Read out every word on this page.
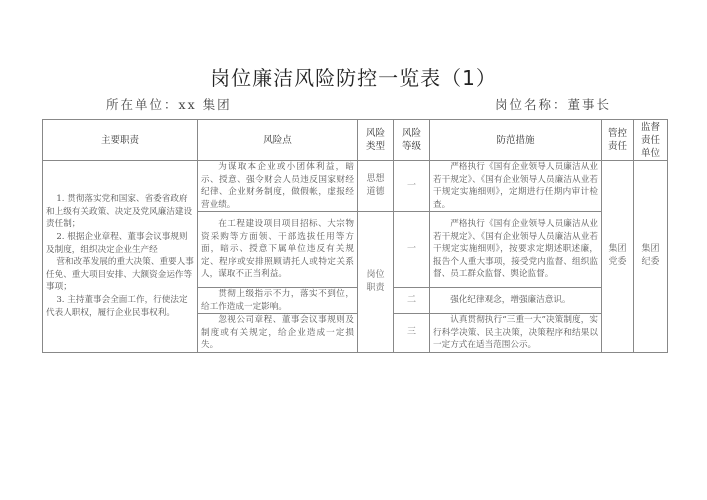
岗位廉洁风险防控一览表（1）
所在单位：xx 集团	岗位名称：董事长
主要职责	风险点	风险类型	风险等级	防范措施	管控责任	监督责任单位

1. 贯彻落实党和国家、省委省政府和上级有关政策、决定及党风廉洁建设责任制；

2. 根据企业章程、董事会议事规则及制度，组织决定企业生产经

营和改革发展的重大决策、重要人事任免、重大项目安排、大额资金运作等事项；

3. 主持董事会全面工作，行使法定代表人职权，履行企业民事权利。	为谋取本企业或小团体利益，暗示、授意、强令财会人员违反国家财经纪律、企业财务制度，做假帐，虚报经营业绩。	思想道德	一	严格执行《国有企业领导人员廉洁从业若干规定》、《国有企业领导人员廉洁从业若干规定实施细则》，定期进行任期内审计检查。	集团党委	集团纪委
	在工程建设项目项目招标、大宗物资采购等方面领、干部选拔任用等方面，暗示、授意下属单位违反有关规定、程序或安排照顾请托人或特定关系人，谋取不正当利益。	岗位职责	一	严格执行《国有企业领导人员廉洁从业若干规定》、《国有企业领导人员廉洁从业若干规定实施细则》，按要求定期述职述廉，报告个人重大事项，接受党内监督、组织监督、员工群众监督、舆论监督。		
	贯彻上级指示不力，落实不到位，给工作造成一定影响。		二	强化纪律观念，增强廉洁意识。		
	忽视公司章程、董事会议事规则及制度或有关规定，给企业造成一定损失。		三	认真贯彻执行“三重一大”决策制度，实行科学决策、民主决策，决策程序和结果以一定方式在适当范围公示。		
